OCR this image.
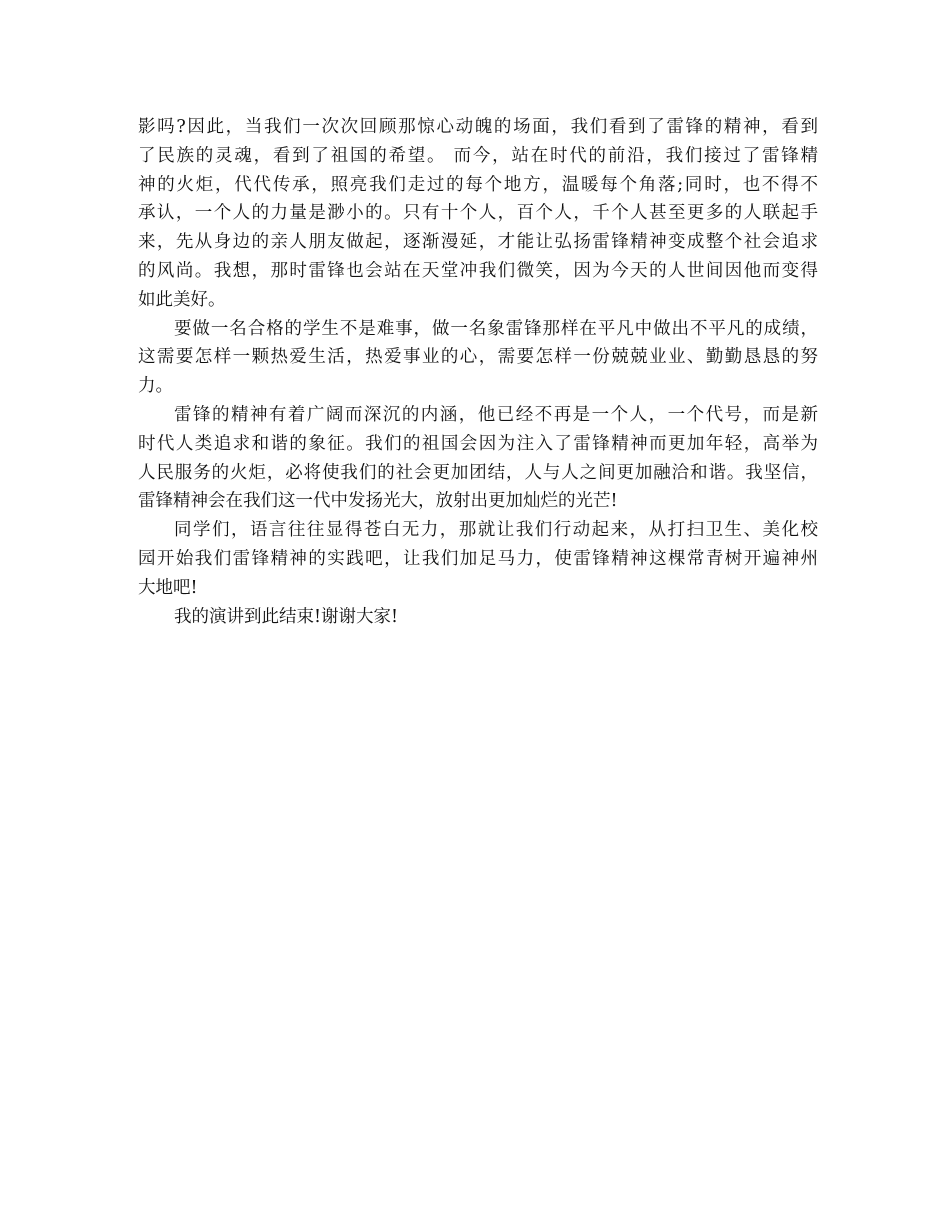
影吗?因此，当我们一次次回顾那惊心动魄的场面，我们看到了雷锋的精神，看到
了民族的灵魂，看到了祖国的希望。 而今，站在时代的前沿，我们接过了雷锋精
神的火炬，代代传承，照亮我们走过的每个地方，温暖每个角落;同时，也不得不
承认，一个人的力量是渺小的。只有十个人，百个人，千个人甚至更多的人联起手
来，先从身边的亲人朋友做起，逐渐漫延，才能让弘扬雷锋精神变成整个社会追求
的风尚。我想，那时雷锋也会站在天堂冲我们微笑，因为今天的人世间因他而变得
如此美好。
要做一名合格的学生不是难事，做一名象雷锋那样在平凡中做出不平凡的成绩，
这需要怎样一颗热爱生活，热爱事业的心，需要怎样一份兢兢业业、勤勤恳恳的努
力。
雷锋的精神有着广阔而深沉的内涵，他已经不再是一个人，一个代号，而是新
时代人类追求和谐的象征。我们的祖国会因为注入了雷锋精神而更加年轻，高举为
人民服务的火炬，必将使我们的社会更加团结，人与人之间更加融洽和谐。我坚信，
雷锋精神会在我们这一代中发扬光大，放射出更加灿烂的光芒!
同学们，语言往往显得苍白无力，那就让我们行动起来，从打扫卫生、美化校
园开始我们雷锋精神的实践吧，让我们加足马力，使雷锋精神这棵常青树开遍神州
大地吧!
我的演讲到此结束!谢谢大家!
